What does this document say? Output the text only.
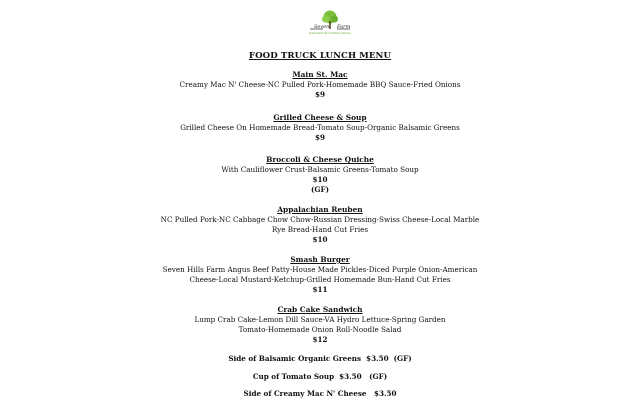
Seven Farm
Sustainable Farm Market & Kitchen
FOOD TRUCK LUNCH MENU
Main St. Mac
Creamy Mac N' Cheese-NC Pulled Pork-Homemade BBQ Sauce-Fried Onions
$9
Grilled Cheese & Soup
Grilled Cheese On Homemade Bread-Tomato Soup-Organic Balsamic Greens
$9
Broccoli & Cheese Quiche
With Cauliflower Crust-Balsamic Greens-Tomato Soup
$10
(GF)
Appalachian Reuben
NC Pulled Pork-NC Cabbage Chow Chow-Russian Dressing-Swiss Cheese-Local Marble
Rye Bread-Hand Cut Fries
$10
Smash Burger
Seven Hills Farm Angus Beef Patty-House Made Pickles-Diced Purple Onion-American
Cheese-Local Mustard-Ketchup-Grilled Homemade Bun-Hand Cut Fries
$11
Crab Cake Sandwich
Lump Crab Cake-Lemon Dill Sauce-VA Hydro Lettuce-Spring Garden
Tomato-Homemade Onion Roll-Noodle Salad
$12
Side of Balsamic Organic Greens  $3.50  (GF)
Cup of Tomato Soup  $3.50   (GF)
Side of Creamy Mac N' Cheese   $3.50
